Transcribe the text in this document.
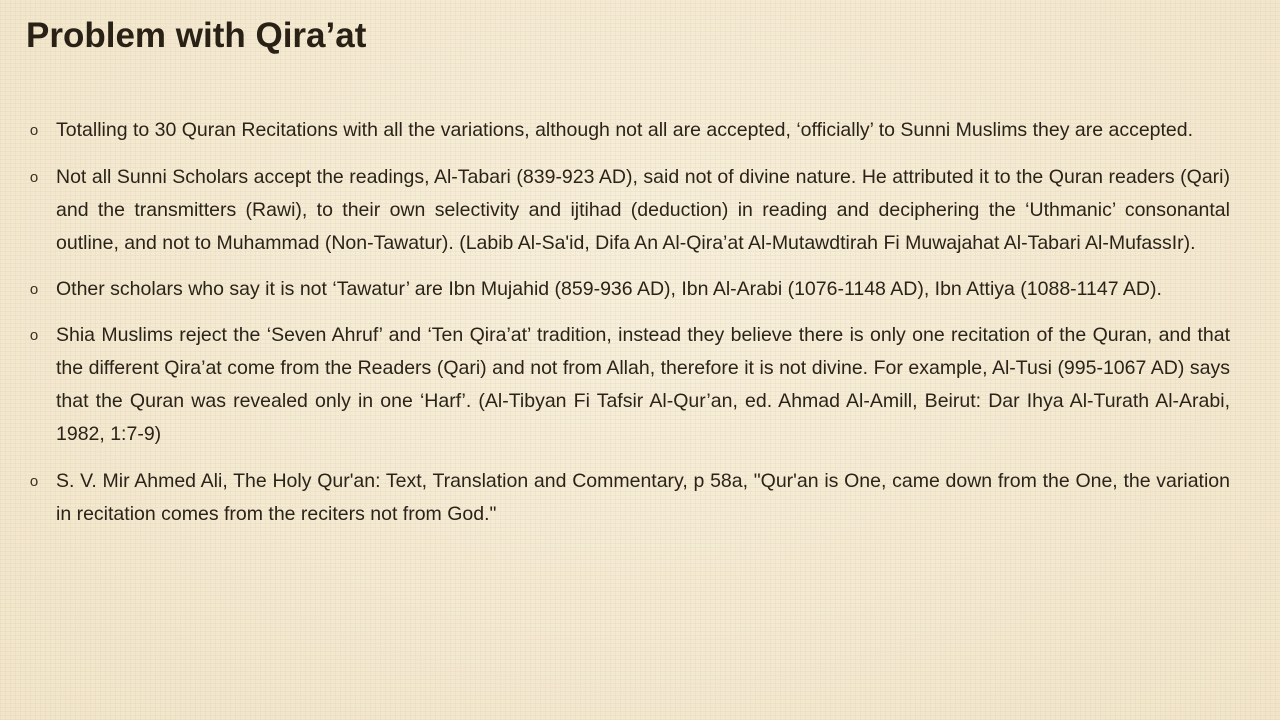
Problem with Qira’at
o Totalling to 30 Quran Recitations with all the variations, although not all are accepted, ‘officially’ to Sunni Muslims they are accepted.
o Not all Sunni Scholars accept the readings, Al-Tabari (839-923 AD), said not of divine nature. He attributed it to the Quran readers (Qari) and the transmitters (Rawi), to their own selectivity and ijtihad (deduction) in reading and deciphering the ‘Uthmanic’ consonantal outline, and not to Muhammad (Non-Tawatur). (Labib Al-Sa'id, Difa An Al-Qira’at Al-Mutawdtirah Fi Muwajahat Al-Tabari Al-MufassIr).
o Other scholars who say it is not ‘Tawatur’ are Ibn Mujahid (859-936 AD), Ibn Al-Arabi (1076-1148 AD), Ibn Attiya (1088-1147 AD).
o Shia Muslims reject the ‘Seven Ahruf’ and ‘Ten Qira’at’ tradition, instead they believe there is only one recitation of the Quran, and that the different Qira’at come from the Readers (Qari) and not from Allah, therefore it is not divine. For example, Al-Tusi (995-1067 AD) says that the Quran was revealed only in one ‘Harf’. (Al-Tibyan Fi Tafsir Al-Qur’an, ed. Ahmad Al-Amill, Beirut: Dar Ihya Al-Turath Al-Arabi, 1982, 1:7-9)
o S. V. Mir Ahmed Ali, The Holy Qur'an: Text, Translation and Commentary, p 58a, "Qur'an is One, came down from the One, the variation in recitation comes from the reciters not from God."
